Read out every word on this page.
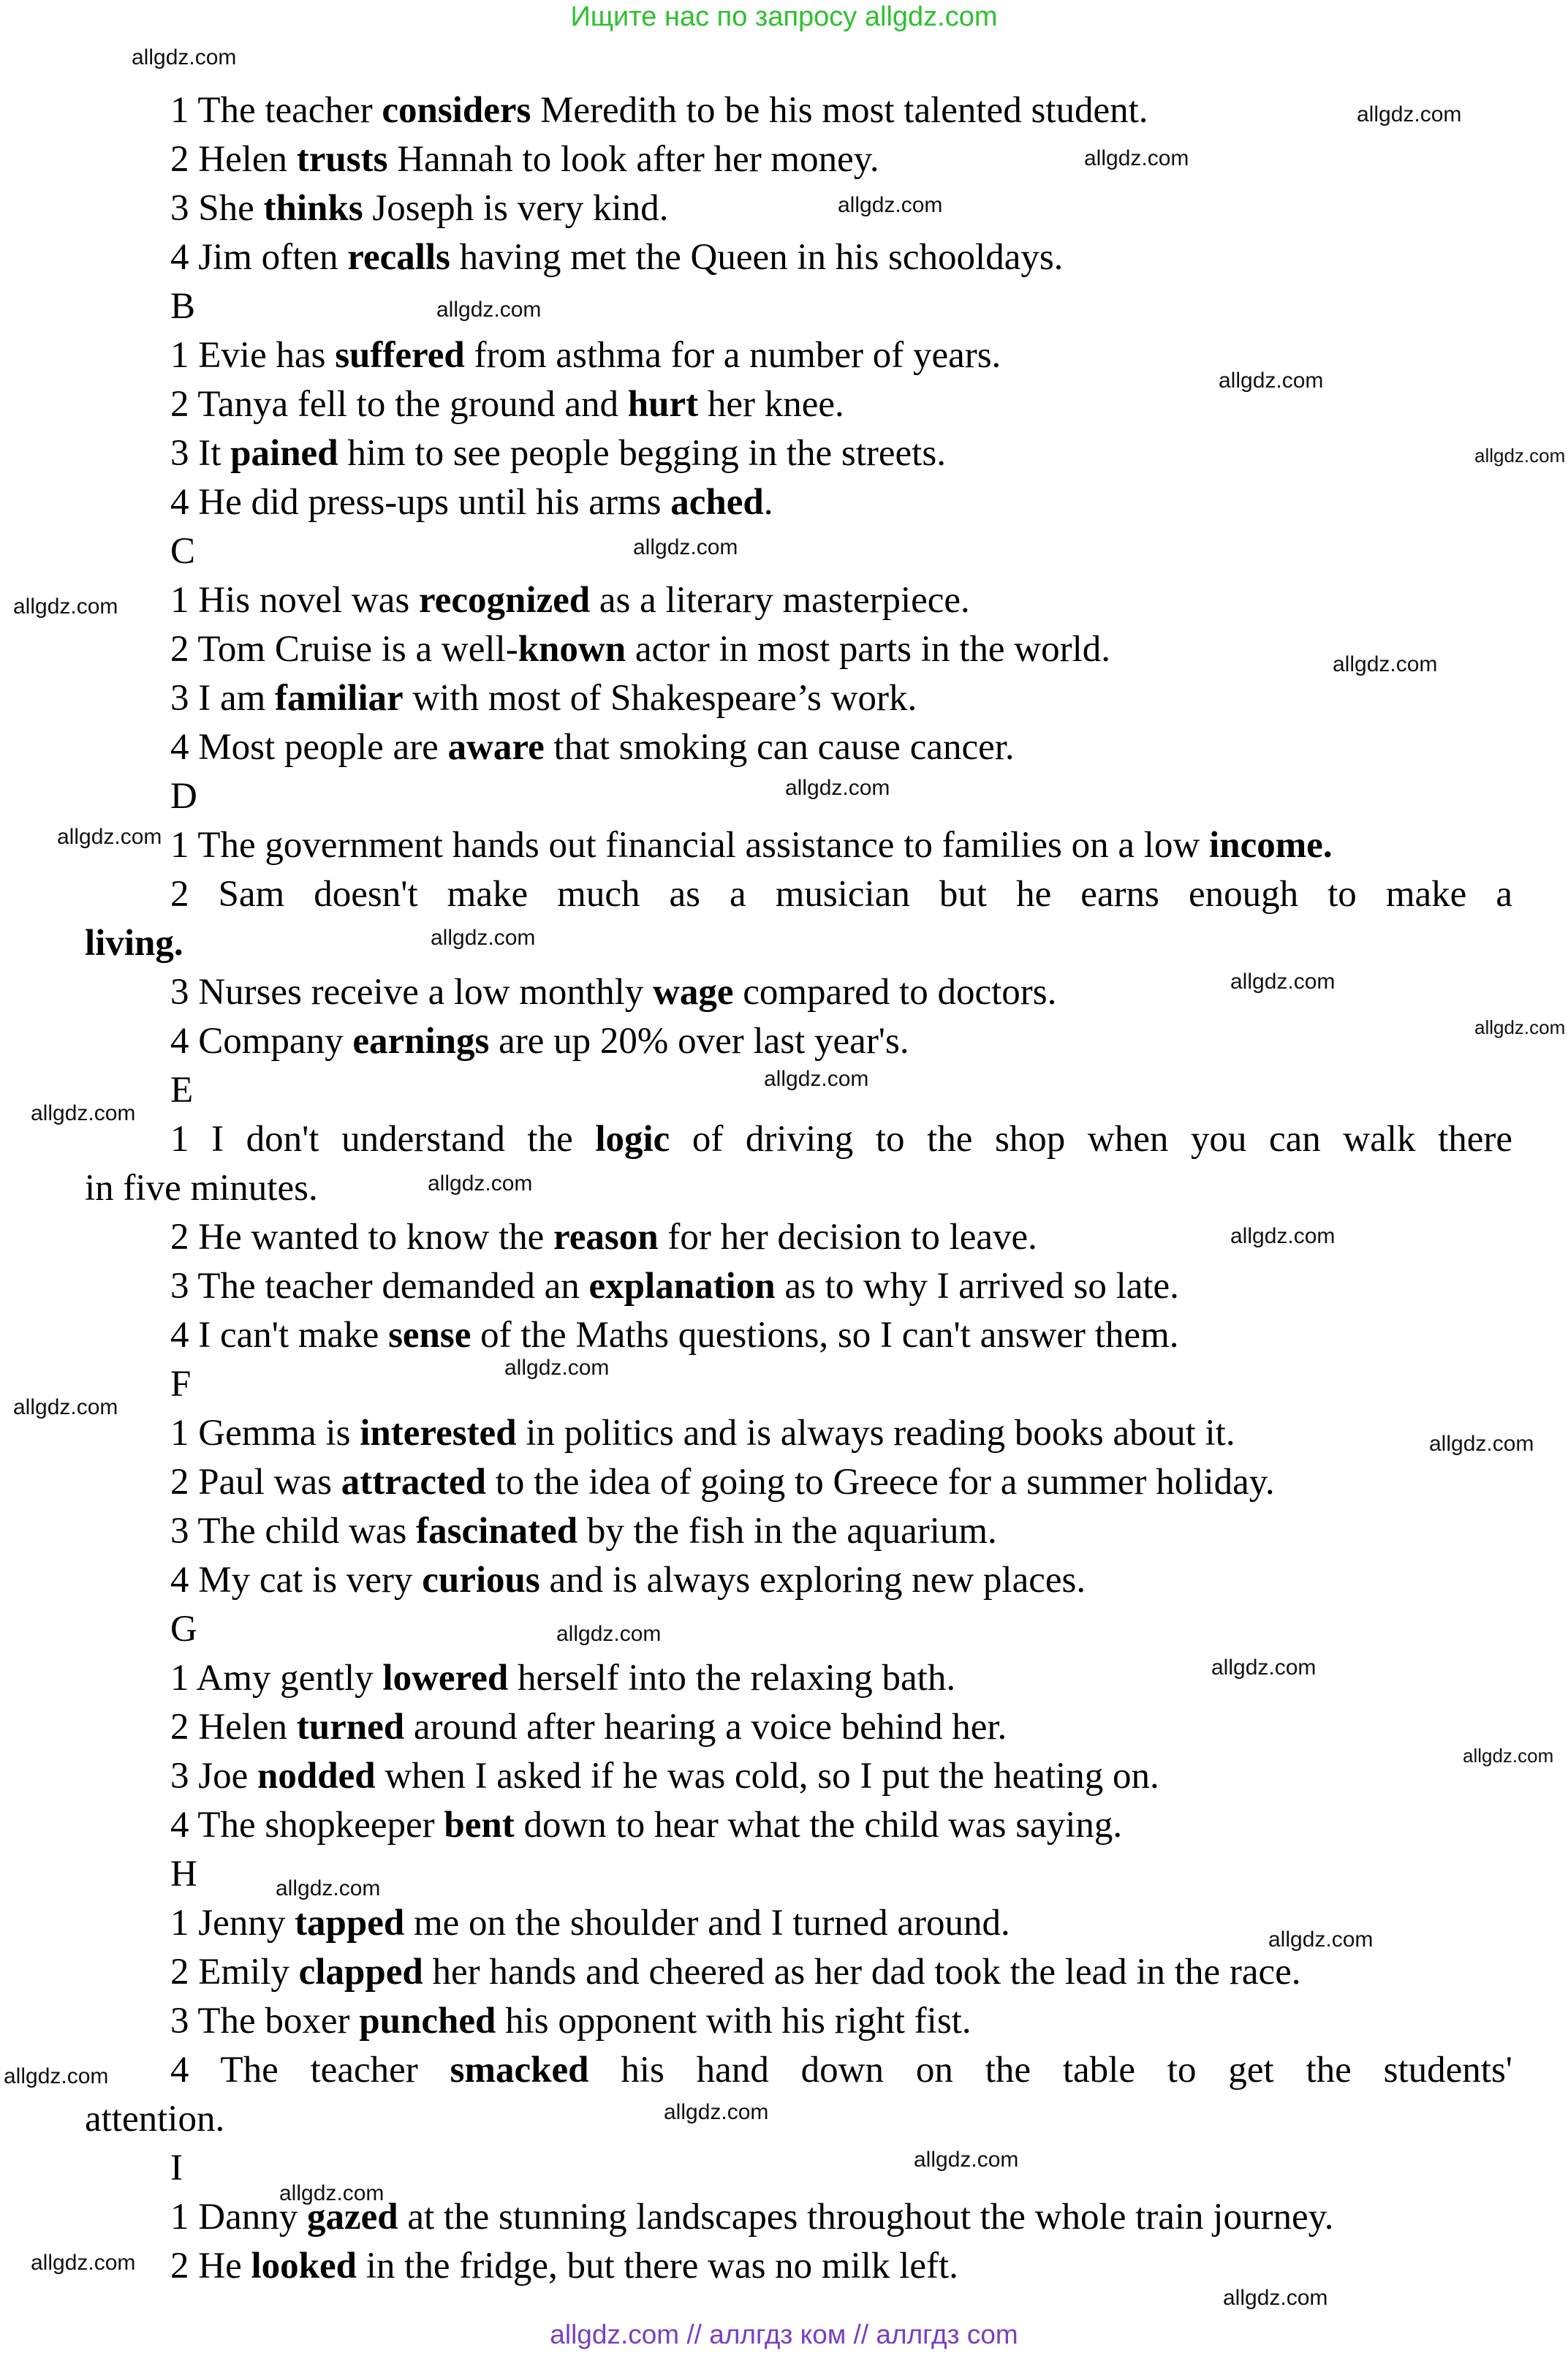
Ищите нас по запросу allgdz.com
1 The teacher considers Meredith to be his most talented student.
2 Helen trusts Hannah to look after her money.
3 She thinks Joseph is very kind.
4 Jim often recalls having met the Queen in his schooldays.
B
1 Evie has suffered from asthma for a number of years.
2 Tanya fell to the ground and hurt her knee.
3 It pained him to see people begging in the streets.
4 He did press-ups until his arms ached.
C
1 His novel was recognized as a literary masterpiece.
2 Tom Cruise is a well-known actor in most parts in the world.
3 I am familiar with most of Shakespeare’s work.
4 Most people are aware that smoking can cause cancer.
D
1 The government hands out financial assistance to families on a low income.
2 Sam doesn't make much as a musician but he earns enough to make a
living.
3 Nurses receive a low monthly wage compared to doctors.
4 Company earnings are up 20% over last year's.
E
1 I don't understand the logic of driving to the shop when you can walk there
in five minutes.
2 He wanted to know the reason for her decision to leave.
3 The teacher demanded an explanation as to why I arrived so late.
4 I can't make sense of the Maths questions, so I can't answer them.
F
1 Gemma is interested in politics and is always reading books about it.
2 Paul was attracted to the idea of going to Greece for a summer holiday.
3 The child was fascinated by the fish in the aquarium.
4 My cat is very curious and is always exploring new places.
G
1 Amy gently lowered herself into the relaxing bath.
2 Helen turned around after hearing a voice behind her.
3 Joe nodded when I asked if he was cold, so I put the heating on.
4 The shopkeeper bent down to hear what the child was saying.
H
1 Jenny tapped me on the shoulder and I turned around.
2 Emily clapped her hands and cheered as her dad took the lead in the race.
3 The boxer punched his opponent with his right fist.
4 The teacher smacked his hand down on the table to get the students'
attention.
I
1 Danny gazed at the stunning landscapes throughout the whole train journey.
2 He looked in the fridge, but there was no milk left.
allgdz.com
allgdz.com
allgdz.com
allgdz.com
allgdz.com
allgdz.com
allgdz.com
allgdz.com
allgdz.com
allgdz.com
allgdz.com
allgdz.com
allgdz.com
allgdz.com
allgdz.com
allgdz.com
allgdz.com
allgdz.com
allgdz.com
allgdz.com
allgdz.com
allgdz.com
allgdz.com
allgdz.com
allgdz.com
allgdz.com
allgdz.com
allgdz.com
allgdz.com
allgdz.com
allgdz.com
allgdz.com
allgdz.com
allgdz.com // аллгдз ком // аллгдз com
